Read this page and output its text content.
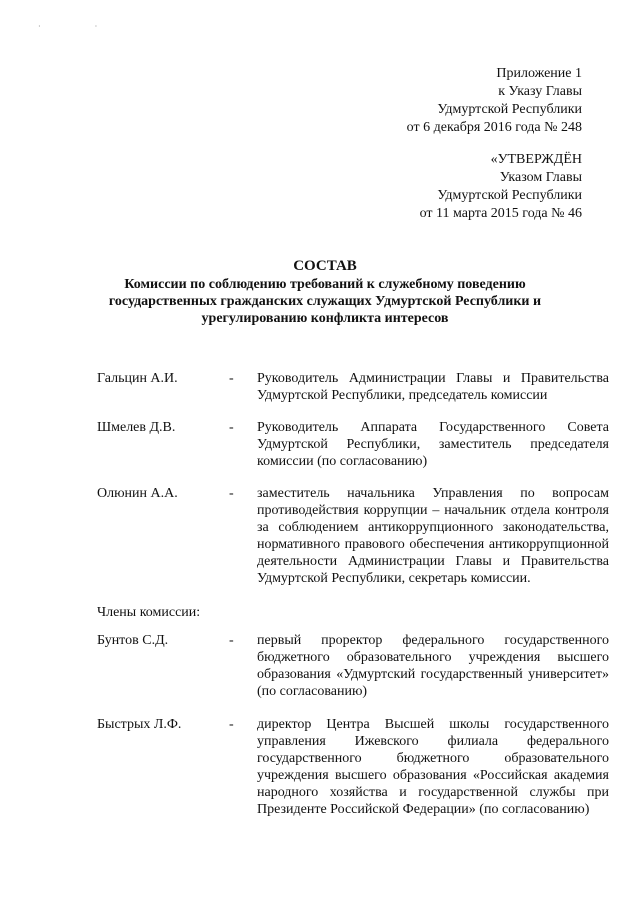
· ·
Приложение 1
к Указу Главы
Удмуртской Республики
от 6 декабря 2016 года № 248
«УТВЕРЖДЁН
Указом Главы
Удмуртской Республики
от 11 марта 2015 года № 46
СОСТАВ
Комиссии по соблюдению требований к служебному поведению государственных гражданских служащих Удмуртской Республики и урегулированию конфликта интересов
Гальцин А.И.	-	Руководитель Администрации Главы и Правительства Удмуртской Республики, председатель комиссии
Шмелев Д.В.	-	Руководитель Аппарата Государственного Совета Удмуртской Республики, заместитель председателя комиссии (по согласованию)
Олюнин А.А.	-	заместитель начальника Управления по вопросам противодействия коррупции – начальник отдела контроля за соблюдением антикоррупционного законодательства, нормативного правового обеспечения антикоррупционной деятельности Администрации Главы и Правительства Удмуртской Республики, секретарь комиссии.
Члены комиссии:
Бунтов С.Д.	-	первый проректор федерального государственного бюджетного образовательного учреждения высшего образования «Удмуртский государственный университет» (по согласованию)
Быстрых Л.Ф.	-	директор Центра Высшей школы государственного управления Ижевского филиала федерального государственного бюджетного образовательного учреждения высшего образования «Российская академия народного хозяйства и государственной службы при Президенте Российской Федерации» (по согласованию)
